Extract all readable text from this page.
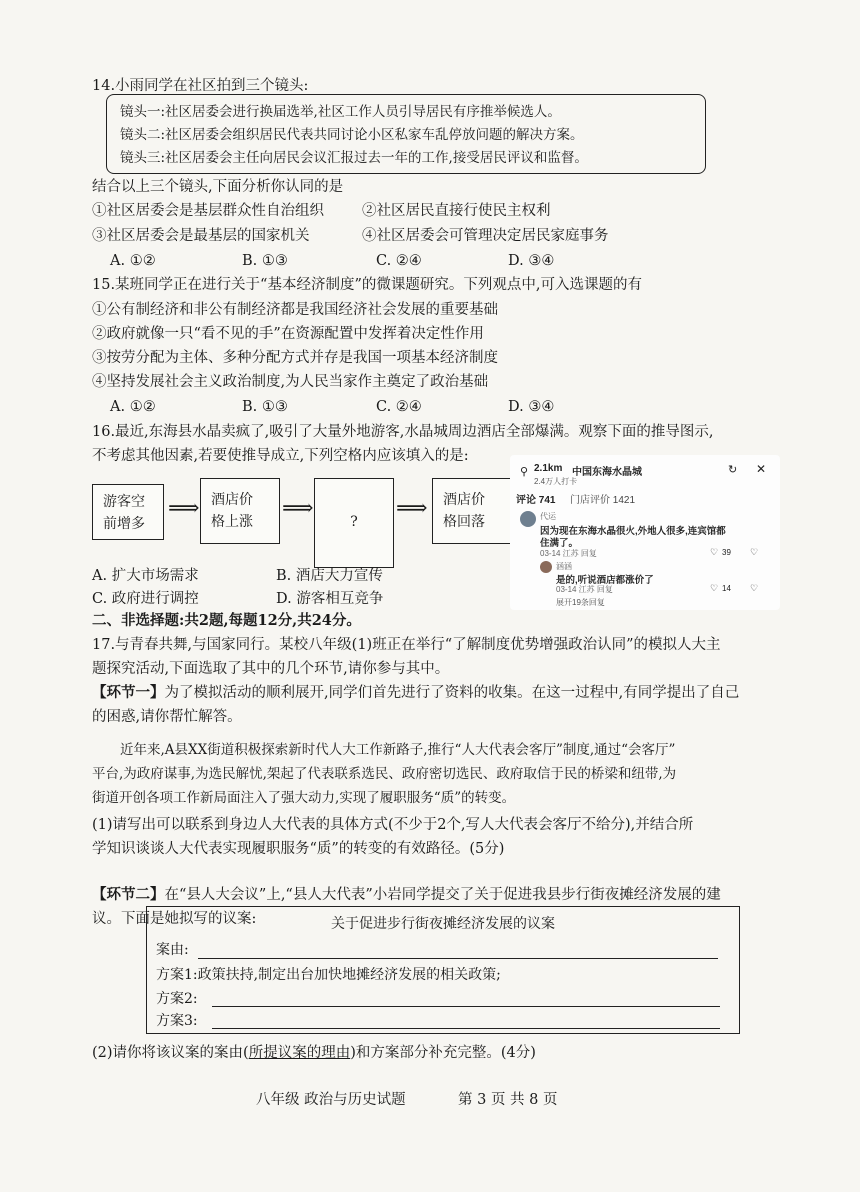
14.小雨同学在社区拍到三个镜头:
镜头一:社区居委会进行换届选举,社区工作人员引导居民有序推举候选人。
镜头二:社区居委会组织居民代表共同讨论小区私家车乱停放问题的解决方案。
镜头三:社区居委会主任向居民会议汇报过去一年的工作,接受居民评议和监督。
结合以上三个镜头,下面分析你认同的是
①社区居委会是基层群众性自治组织	②社区居民直接行使民主权利
③社区居委会是最基层的国家机关	④社区居委会可管理决定居民家庭事务
A. ①②	B. ①③	C. ②④	D. ③④
15.某班同学正在进行关于“基本经济制度”的微课题研究。下列观点中,可入选课题的有
①公有制经济和非公有制经济都是我国经济社会发展的重要基础
②政府就像一只“看不见的手”在资源配置中发挥着决定性作用
③按劳分配为主体、多种分配方式并存是我国一项基本经济制度
④坚持发展社会主义政治制度,为人民当家作主奠定了政治基础
A. ①②	B. ①③	C. ②④	D. ③④
16.最近,东海县水晶卖疯了,吸引了大量外地游客,水晶城周边酒店全部爆满。观察下面的推导图示,
不考虑其他因素,若要使推导成立,下列空格内应该填入的是:
游客空
前增多
⟹ 酒店价
格上涨
⟹
?
⟹	酒店价
格回落
⚲ 2.1km 中国东海水晶城
2.4万人打卡
↻ ✕
评论 741 门店评价 1421
代运
因为现在东海水晶很火,外地人很多,连宾馆都
住满了。
03-14 江苏 回复	♡ 39 ♡
涵涵
是的,听说酒店都涨价了
03-14 江苏 回复	♡ 14 ♡
展开19条回复
A. 扩大市场需求	B. 酒店大力宣传
C. 政府进行调控	D. 游客相互竞争
二、非选择题:共2题,每题12分,共24分。
17.与青春共舞,与国家同行。某校八年级(1)班正在举行“了解制度优势增强政治认同”的模拟人大主
题探究活动,下面选取了其中的几个环节,请你参与其中。
【环节一】为了模拟活动的顺利展开,同学们首先进行了资料的收集。在这一过程中,有同学提出了自己
的困惑,请你帮忙解答。
近年来,A县XX街道积极探索新时代人大工作新路子,推行“人大代表会客厅”制度,通过“会客厅”
平台,为政府谋事,为选民解忧,架起了代表联系选民、政府密切选民、政府取信于民的桥梁和纽带,为
街道开创各项工作新局面注入了强大动力,实现了履职服务“质”的转变。
(1)请写出可以联系到身边人大代表的具体方式(不少于2个,写人大代表会客厅不给分),并结合所
学知识谈谈人大代表实现履职服务“质”的转变的有效路径。(5分)
【环节二】在“县人大会议”上,“县人大代表”小岩同学提交了关于促进我县步行街夜摊经济发展的建
议。下面是她拟写的议案:	关于促进步行街夜摊经济发展的议案
案由:
方案1:政策扶持,制定出台加快地摊经济发展的相关政策;
方案2:
方案3:
(2)请你将该议案的案由(所提议案的理由)和方案部分补充完整。(4分)
八年级 政治与历史试题	第 3 页 共 8 页
